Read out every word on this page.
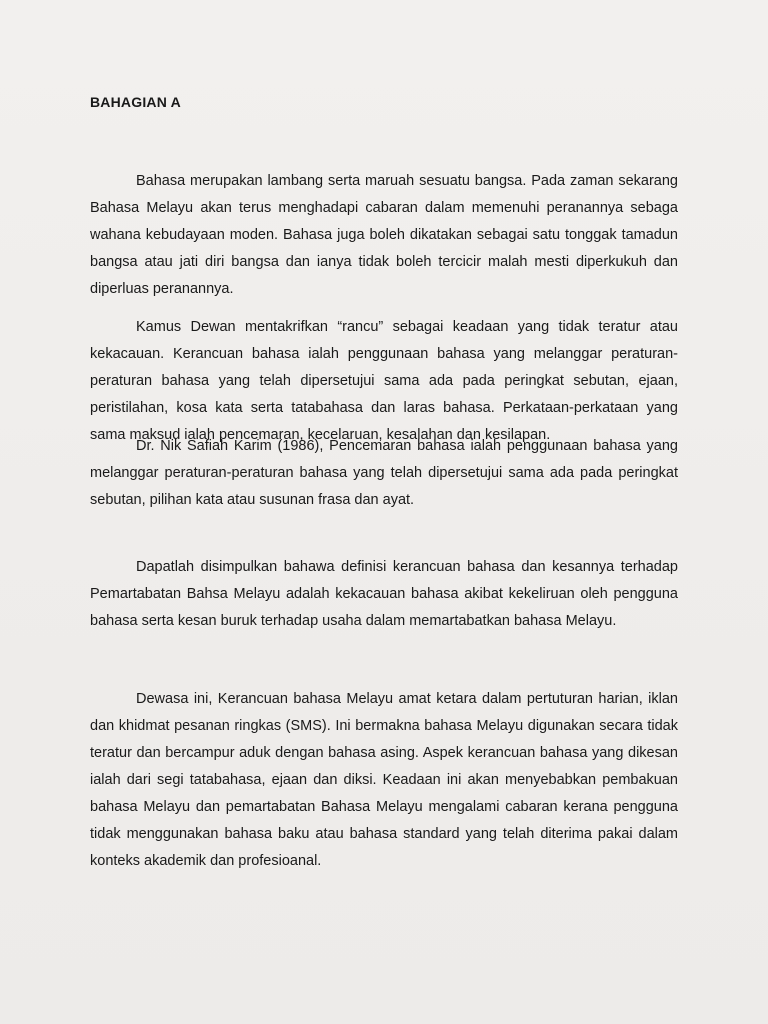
BAHAGIAN A

Bahasa merupakan lambang serta maruah sesuatu bangsa. Pada zaman sekarang Bahasa Melayu akan terus menghadapi cabaran dalam memenuhi peranannya sebaga wahana kebudayaan moden. Bahasa juga boleh dikatakan sebagai satu tonggak tamadun bangsa atau jati diri bangsa dan ianya tidak boleh tercicir malah mesti diperkukuh dan diperluas peranannya.

Kamus Dewan mentakrifkan “rancu” sebagai keadaan yang tidak teratur atau kekacauan. Kerancuan bahasa ialah penggunaan bahasa yang melanggar peraturan-peraturan bahasa yang telah dipersetujui sama ada pada peringkat sebutan, ejaan, peristilahan, kosa kata serta tatabahasa dan laras bahasa. Perkataan-perkataan yang sama maksud ialah pencemaran, kecelaruan, kesalahan dan kesilapan.

Dr. Nik Safiah Karim (1986), Pencemaran bahasa ialah penggunaan bahasa yang melanggar peraturan-peraturan bahasa yang telah dipersetujui sama ada pada peringkat sebutan, pilihan kata atau susunan frasa dan ayat.

Dapatlah disimpulkan bahawa definisi kerancuan bahasa dan kesannya terhadap Pemartabatan Bahsa Melayu adalah kekacauan bahasa akibat kekeliruan oleh pengguna bahasa serta kesan buruk terhadap usaha dalam memartabatkan bahasa Melayu.

Dewasa ini, Kerancuan bahasa Melayu amat ketara dalam pertuturan harian, iklan dan khidmat pesanan ringkas (SMS). Ini bermakna bahasa Melayu digunakan secara tidak teratur dan bercampur aduk dengan bahasa asing. Aspek kerancuan bahasa yang dikesan ialah dari segi tatabahasa, ejaan dan diksi. Keadaan ini akan menyebabkan pembakuan bahasa Melayu dan pemartabatan Bahasa Melayu mengalami cabaran kerana pengguna tidak menggunakan bahasa baku atau bahasa standard yang telah diterima pakai dalam konteks akademik dan profesioanal.
